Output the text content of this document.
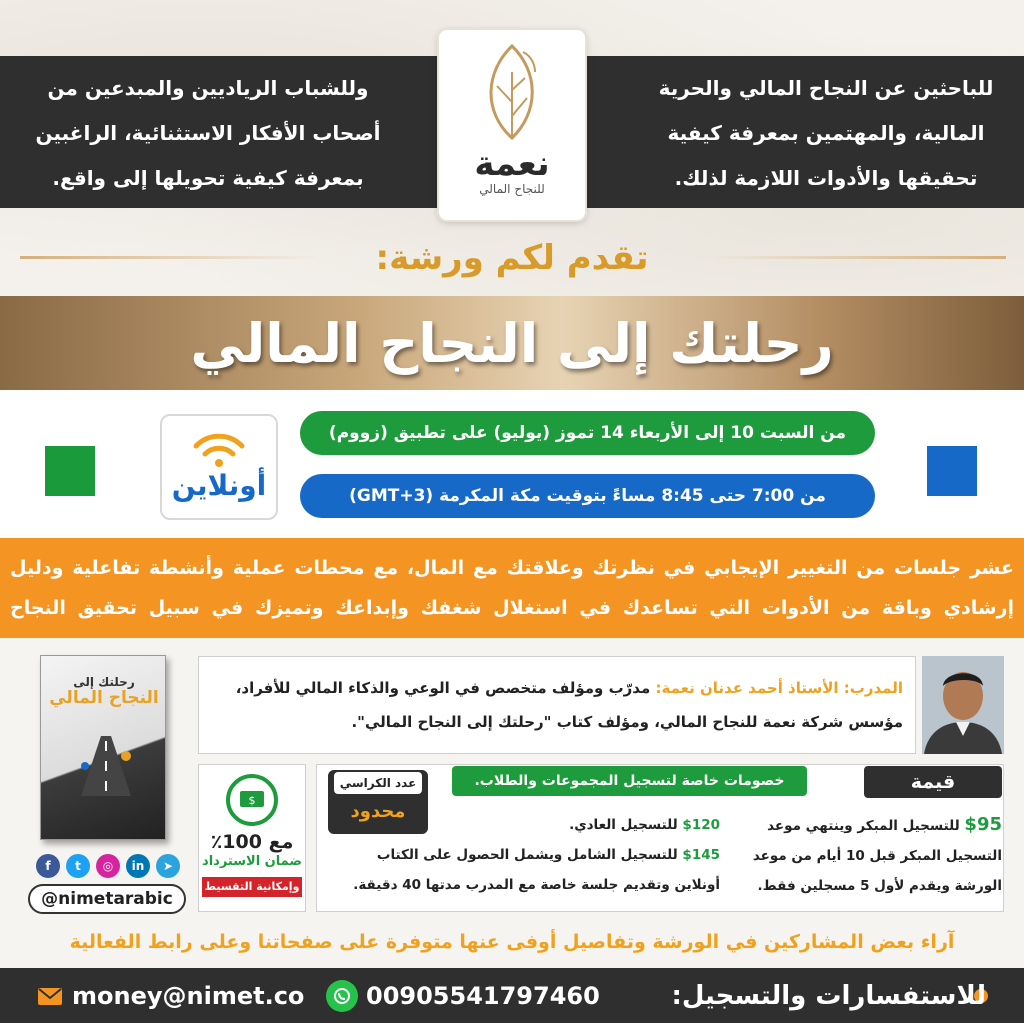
للباحثين عن النجاح المالي والحرية المالية، والمهتمين بمعرفة كيفية تحقيقها والأدوات اللازمة لذلك.
وللشباب الرياديين والمبدعين من أصحاب الأفكار الاستثنائية، الراغبين بمعرفة كيفية تحويلها إلى واقع.	نعمة
للنجاح المالي
تقدم لكم ورشة:
رحلتك إلى النجاح المالي
أونلاين
من السبت 10 إلى الأربعاء 14 تموز (يوليو) على تطبيق (زووم)
من 7:00 حتى 8:45 مساءً بتوقيت مكة المكرمة (GMT+3)
عشر جلسات من التغيير الإيجابي في نظرتك وعلاقتك مع المال، مع محطات عملية وأنشطة تفاعلية ودليل إرشادي وباقة من الأدوات التي تساعدك في استغلال شغفك وإبداعك وتميزك في سبيل تحقيق النجاح
المدرب: الأستاذ أحمد عدنان نعمة: مدرّب ومؤلف متخصص في الوعي والذكاء المالي للأفراد، مؤسس شركة نعمة للنجاح المالي، ومؤلف كتاب "رحلتك إلى النجاح المالي".
رحلتك إلى
النجاح المالي
$
مع 100٪
ضمان الاسترداد
وإمكانية التقسيط
قيمة الاستثمار:
خصومات خاصة لتسجيل المجموعات والطلاب.
عدد الكراسي
محدود
$95 للتسجيل المبكر وينتهي موعد التسجيل المبكر قبل 10 أيام من موعد الورشة ويقدم لأول 5 مسجلين فقط.
$120 للتسجيل العادي.
$145 للتسجيل الشامل ويشمل الحصول على الكتاب أونلاين وتقديم جلسة خاصة مع المدرب مدتها 40 دقيقة.
f	t	◎	in	➤
@nimetarabic
آراء بعض المشاركين في الورشة وتفاصيل أوفى عنها متوفرة على صفحاتنا وعلى رابط الفعالية
للاستفسارات والتسجيل:
00905541797460
money@nimet.co
